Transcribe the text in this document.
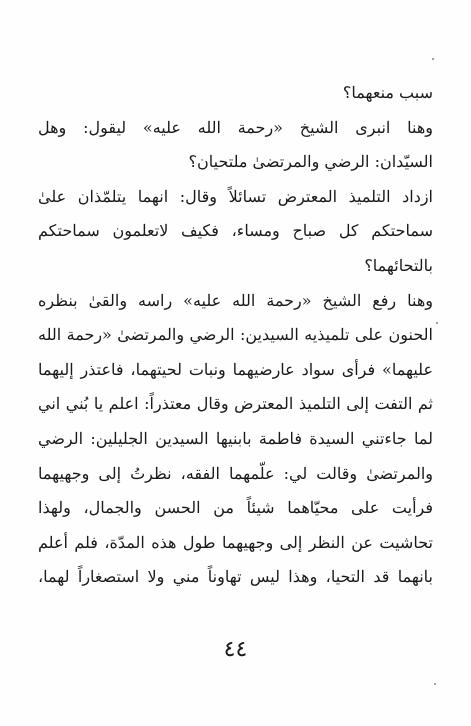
سبب منعهما؟
وهنا انبرى الشيخ «رحمة الله عليه» ليقول: وهل
السيّدان: الرضي والمرتضىٰ ملتحيان؟
ازداد التلميذ المعترض تسائلاً وقال: انهما يتلمّذان علىٰ
سماحتكم كل صباح ومساء، فكيف لاتعلمون سماحتكم
بالتحائهما؟
وهنا رفع الشيخ «رحمة الله عليه» راسه والقىٰ بنظره
الحنون على تلميذيه السيدين: الرضي والمرتضىٰ «رحمة الله
عليهما» فرأى سواد عارضيهما ونبات لحيتهما، فاعتذر إليهما
ثم التفت إلى التلميذ المعترض وقال معتذراً: اعلم يا بُني اني
لما جاءتني السيدة فاطمة بابنيها السيدين الجليلين: الرضي
والمرتضىٰ وقالت لي: علّمهما الفقه، نظرتُ إلى وجهيهما
فرأيت على محيّاهما شيئاً من الحسن والجمال، ولهذا
تحاشيت عن النظر إلى وجهيهما طول هذه المدّة، فلم أعلم
بانهما قد التحيا، وهذا ليس تهاوناً مني ولا استصغاراً لهما،
٤٤
